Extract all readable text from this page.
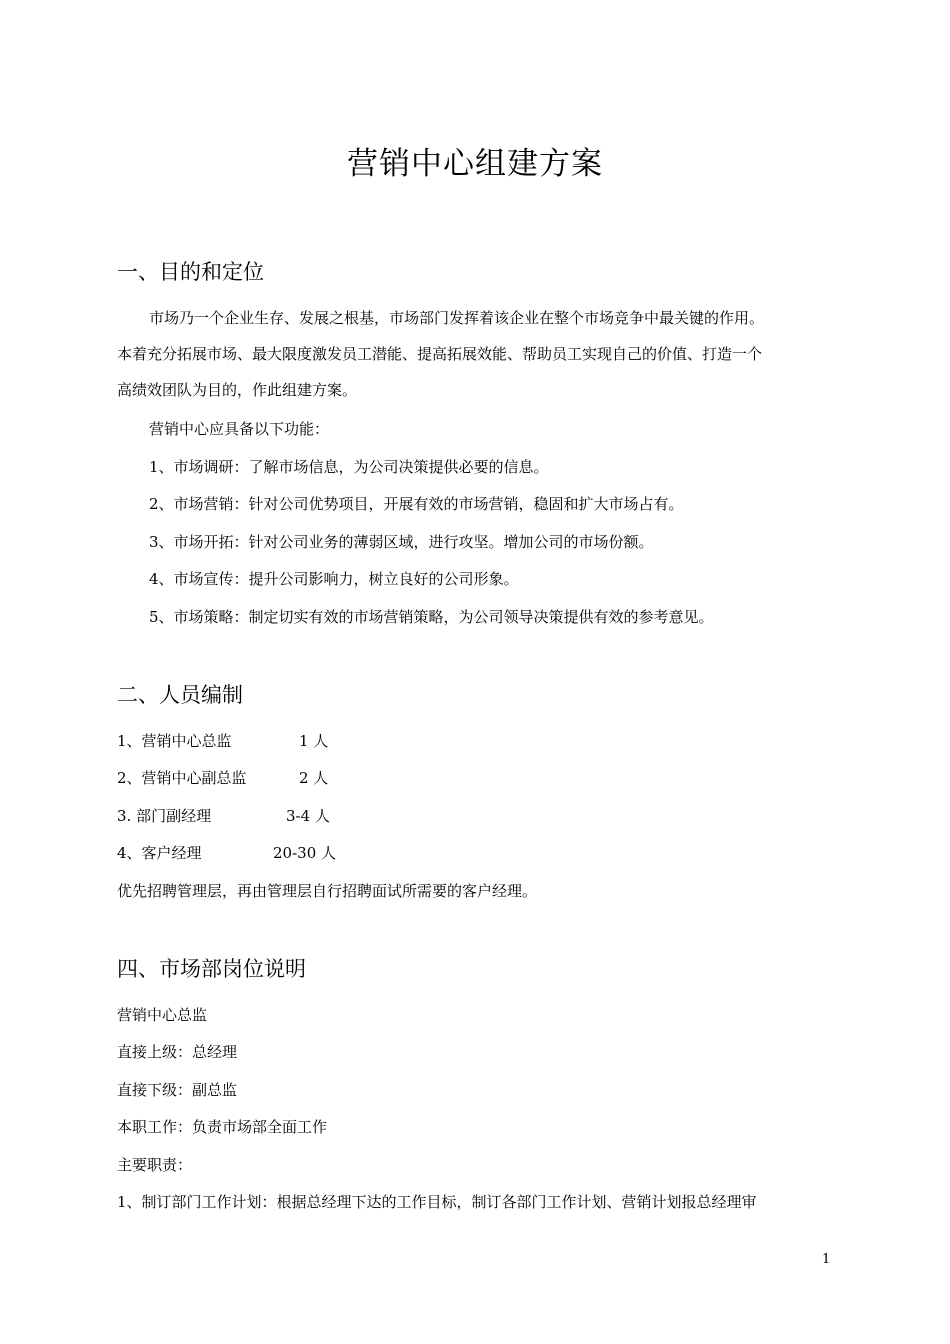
营销中心组建方案
一、目的和定位

市场乃一个企业生存、发展之根基，市场部门发挥着该企业在整个市场竞争中最关键的作用。

本着充分拓展市场、最大限度激发员工潜能、提高拓展效能、帮助员工实现自己的价值、打造一个

高绩效团队为目的，作此组建方案。

营销中心应具备以下功能：

1、市场调研：了解市场信息，为公司决策提供必要的信息。

2、市场营销：针对公司优势项目，开展有效的市场营销，稳固和扩大市场占有。

3、市场开拓：针对公司业务的薄弱区域，进行攻坚。增加公司的市场份额。

4、市场宣传：提升公司影响力，树立良好的公司形象。

5、市场策略：制定切实有效的市场营销策略，为公司领导决策提供有效的参考意见。

二、人员编制
1、营销中心总监	1 人
2、营销中心副总监	2 人
3. 部门副经理	3-4 人
4、客户经理	20-30 人

优先招聘管理层，再由管理层自行招聘面试所需要的客户经理。

四、市场部岗位说明

营销中心总监

直接上级：总经理

直接下级：副总监

本职工作：负责市场部全面工作

主要职责：

1、制订部门工作计划：根据总经理下达的工作目标，制订各部门工作计划、营销计划报总经理审

1
